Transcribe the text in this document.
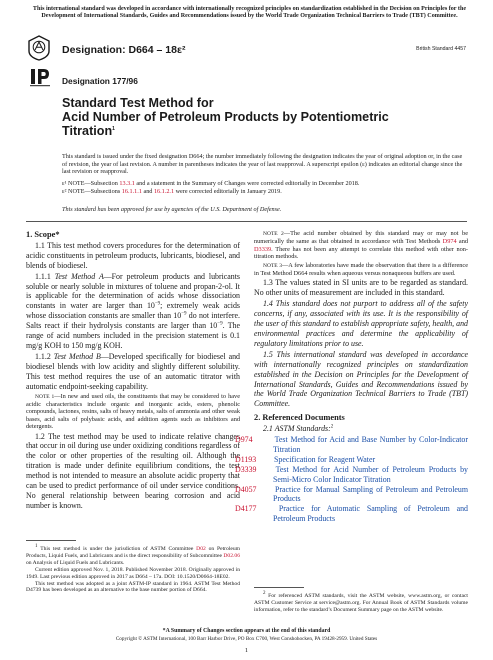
This international standard was developed in accordance with internationally recognized principles on standardization established in the Decision on Principles for the Development of International Standards, Guides and Recommendations issued by the World Trade Organization Technical Barriers to Trade (TBT) Committee.
Designation: D664 – 18ε²	British Standard 4457
Designation 177/96
Standard Test Method for
Acid Number of Petroleum Products by Potentiometric
Titration$^1$
This standard is issued under the fixed designation D664; the number immediately following the designation indicates the year of original adoption or, in the case of revision, the year of last revision. A number in parentheses indicates the year of last reapproval. A superscript epsilon (ε) indicates an editorial change since the last revision or reapproval.
ε¹ NOTE—Subsection 13.3.1 and a statement in the Summary of Changes were corrected editorially in December 2018.
ε² NOTE—Subsections 16.1.1.1 and 16.1.2.1 were corrected editorially in January 2019.
This standard has been approved for use by agencies of the U.S. Department of Defense.

1. Scope*

1.1 This test method covers procedures for the determination of acidic constituents in petroleum products, lubricants, biodiesel, and blends of biodiesel.

1.1.1 Test Method A—For petroleum products and lubricants soluble or nearly soluble in mixtures of toluene and propan-2-ol. It is applicable for the determination of acids whose dissociation constants in water are larger than $10^{-9}$; extremely weak acids whose dissociation constants are smaller than $10^{-9}$ do not interfere. Salts react if their hydrolysis constants are larger than $10^{-9}$. The range of acid numbers included in the precision statement is 0.1 mg/g KOH to 150 mg/g KOH.

1.1.2 Test Method B—Developed specifically for biodiesel and biodiesel blends with low acidity and slightly different solubility. This test method requires the use of an automatic titrator with automatic endpoint-seeking capability.

NOTE 1—In new and used oils, the constituents that may be considered to have acidic characteristics include organic and inorganic acids, esters, phenolic compounds, lactones, resins, salts of heavy metals, salts of ammonia and other weak bases, acid salts of polybasic acids, and addition agents such as inhibitors and detergents.

1.2 The test method may be used to indicate relative changes that occur in oil during use under oxidizing conditions regardless of the color or other properties of the resulting oil. Although the titration is made under definite equilibrium conditions, the test method is not intended to measure an absolute acidic property that can be used to predict performance of oil under service conditions. No general relationship between bearing corrosion and acid number is known.

NOTE 2—The acid number obtained by this standard may or may not be numerically the same as that obtained in accordance with Test Methods D974 and D3339. There has not been any attempt to correlate this method with other non-titration methods.

NOTE 3—A few laboratories have made the observation that there is a difference in Test Method D664 results when aqueous versus nonaqueous buffers are used.

1.3 The values stated in SI units are to be regarded as standard. No other units of measurement are included in this standard.

1.4 This standard does not purport to address all of the safety concerns, if any, associated with its use. It is the responsibility of the user of this standard to establish appropriate safety, health, and environmental practices and determine the applicability of regulatory limitations prior to use.

1.5 This international standard was developed in accordance with internationally recognized principles on standardization established in the Decision on Principles for the Development of International Standards, Guides and Recommendations issued by the World Trade Organization Technical Barriers to Trade (TBT) Committee.

2. Referenced Documents

2.1 ASTM Standards:$^2$

D974	Test Method for Acid and Base Number by Color-Indicator Titration
D1193 Specification for Reagent Water
D3339 Test Method for Acid Number of Petroleum Products by Semi-Micro Color Indicator Titration
D4057 Practice for Manual Sampling of Petroleum and Petroleum Products
D4177	Practice for Automatic Sampling of Petroleum and Petroleum Products

$^1$ This test method is under the jurisdiction of ASTM Committee D02 on Petroleum Products, Liquid Fuels, and Lubricants and is the direct responsibility of Subcommittee D02.06 on Analysis of Liquid Fuels and Lubricants.

Current edition approved Nov. 1, 2018. Published November 2018. Originally approved in 1949. Last previous edition approved in 2017 as D664 – 17a. DOI: 10.1520/D0664-18E02.

This test method was adopted as a joint ASTM-IP standard in 1964. ASTM Test Method D4739 has been developed as an alternative to the base number portion of D664.

$^2$ For referenced ASTM standards, visit the ASTM website, www.astm.org, or contact ASTM Customer Service at service@astm.org. For Annual Book of ASTM Standards volume information, refer to the standard’s Document Summary page on the ASTM website.

*A Summary of Changes section appears at the end of this standard
Copyright © ASTM International, 100 Barr Harbor Drive, PO Box C700, West Conshohocken, PA 19428-2959. United States
1
